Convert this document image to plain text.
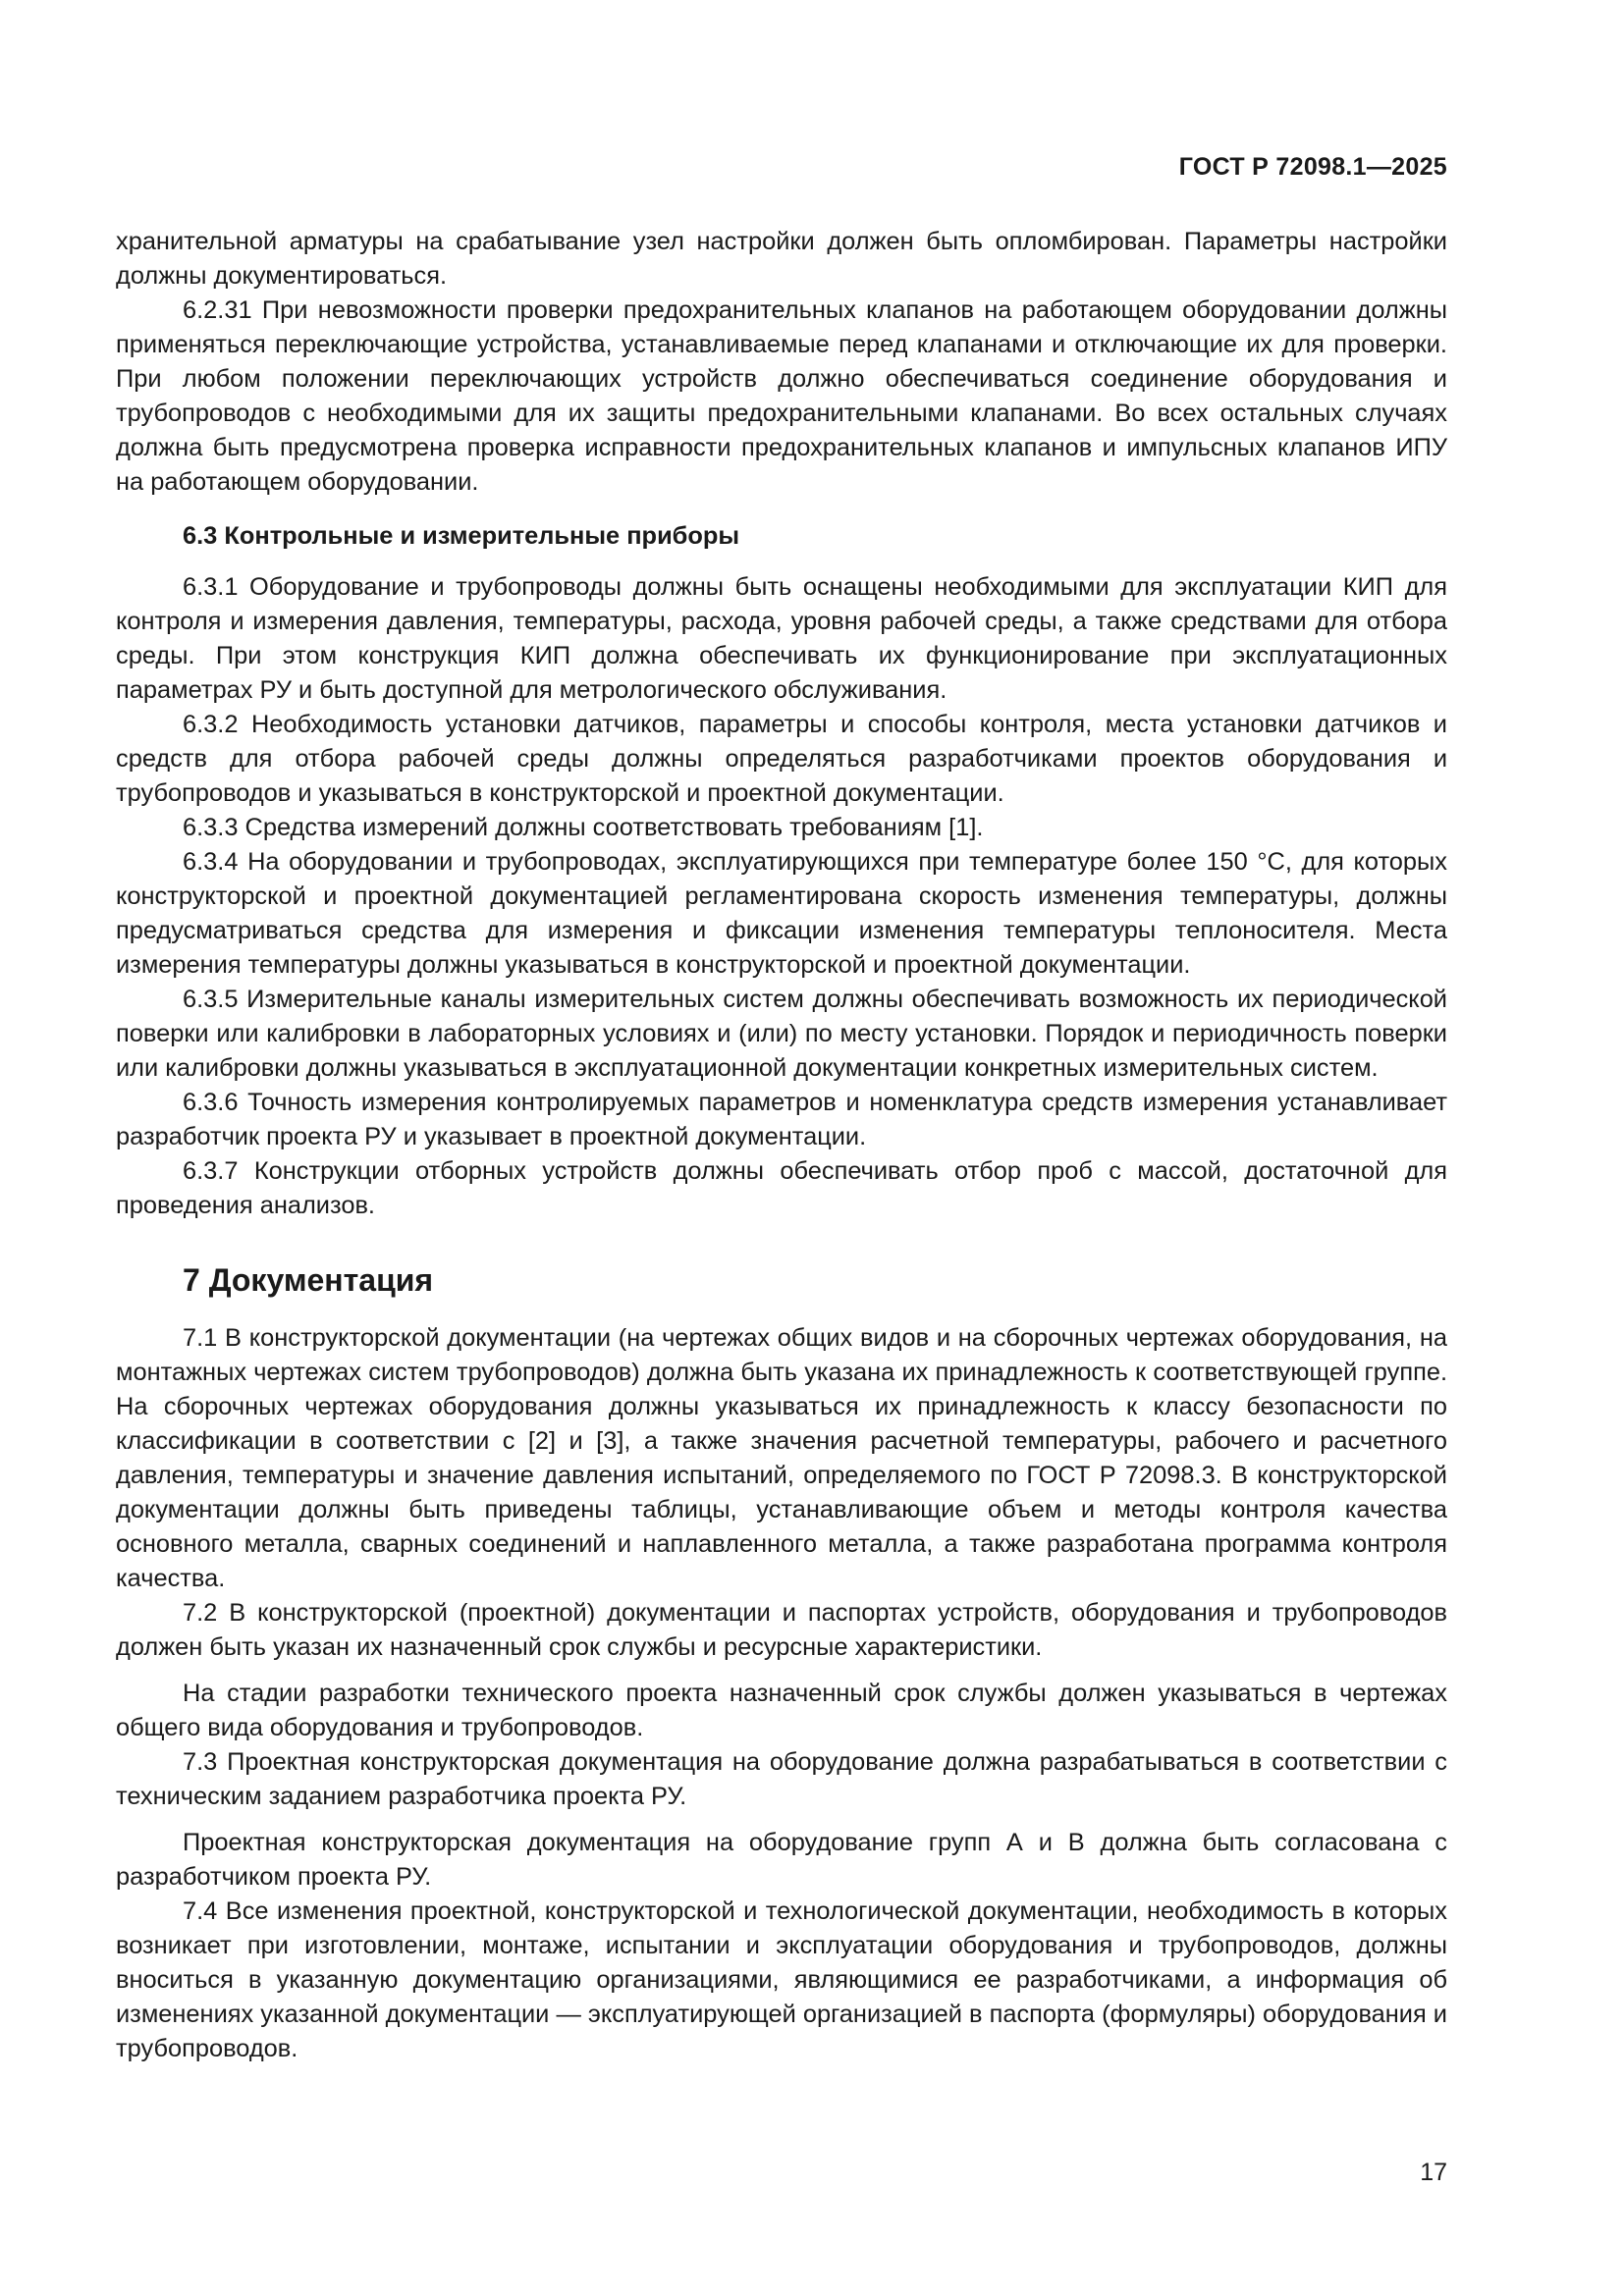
ГОСТ Р 72098.1—2025

хранительной арматуры на срабатывание узел настройки должен быть опломбирован. Параметры настройки должны документироваться.

6.2.31 При невозможности проверки предохранительных клапанов на работающем оборудовании должны применяться переключающие устройства, устанавливаемые перед клапанами и отключающие их для проверки. При любом положении переключающих устройств должно обеспечиваться соединение оборудования и трубопроводов с необходимыми для их защиты предохранительными клапанами. Во всех остальных случаях должна быть предусмотрена проверка исправности предохранительных клапанов и импульсных клапанов ИПУ на работающем оборудовании.

6.3 Контрольные и измерительные приборы

6.3.1 Оборудование и трубопроводы должны быть оснащены необходимыми для эксплуатации КИП для контроля и измерения давления, температуры, расхода, уровня рабочей среды, а также средствами для отбора среды. При этом конструкция КИП должна обеспечивать их функционирование при эксплуатационных параметрах РУ и быть доступной для метрологического обслуживания.

6.3.2 Необходимость установки датчиков, параметры и способы контроля, места установки датчиков и средств для отбора рабочей среды должны определяться разработчиками проектов оборудования и трубопроводов и указываться в конструкторской и проектной документации.

6.3.3 Средства измерений должны соответствовать требованиям [1].

6.3.4 На оборудовании и трубопроводах, эксплуатирующихся при температуре более 150 °С, для которых конструкторской и проектной документацией регламентирована скорость изменения температуры, должны предусматриваться средства для измерения и фиксации изменения температуры теплоносителя. Места измерения температуры должны указываться в конструкторской и проектной документации.

6.3.5 Измерительные каналы измерительных систем должны обеспечивать возможность их периодической поверки или калибровки в лабораторных условиях и (или) по месту установки. Порядок и периодичность поверки или калибровки должны указываться в эксплуатационной документации конкретных измерительных систем.

6.3.6 Точность измерения контролируемых параметров и номенклатура средств измерения устанавливает разработчик проекта РУ и указывает в проектной документации.

6.3.7 Конструкции отборных устройств должны обеспечивать отбор проб с массой, достаточной для проведения анализов.

7 Документация

7.1 В конструкторской документации (на чертежах общих видов и на сборочных чертежах оборудования, на монтажных чертежах систем трубопроводов) должна быть указана их принадлежность к соответствующей группе. На сборочных чертежах оборудования должны указываться их принадлежность к классу безопасности по классификации в соответствии с [2] и [3], а также значения расчетной температуры, рабочего и расчетного давления, температуры и значение давления испытаний, определяемого по ГОСТ Р 72098.3. В конструкторской документации должны быть приведены таблицы, устанавливающие объем и методы контроля качества основного металла, сварных соединений и наплавленного металла, а также разработана программа контроля качества.

7.2 В конструкторской (проектной) документации и паспортах устройств, оборудования и трубопроводов должен быть указан их назначенный срок службы и ресурсные характеристики.

На стадии разработки технического проекта назначенный срок службы должен указываться в чертежах общего вида оборудования и трубопроводов.

7.3 Проектная конструкторская документация на оборудование должна разрабатываться в соответствии с техническим заданием разработчика проекта РУ.

Проектная конструкторская документация на оборудование групп А и В должна быть согласована с разработчиком проекта РУ.

7.4 Все изменения проектной, конструкторской и технологической документации, необходимость в которых возникает при изготовлении, монтаже, испытании и эксплуатации оборудования и трубопроводов, должны вноситься в указанную документацию организациями, являющимися ее разработчиками, а информация об изменениях указанной документации — эксплуатирующей организацией в паспорта (формуляры) оборудования и трубопроводов.

17
